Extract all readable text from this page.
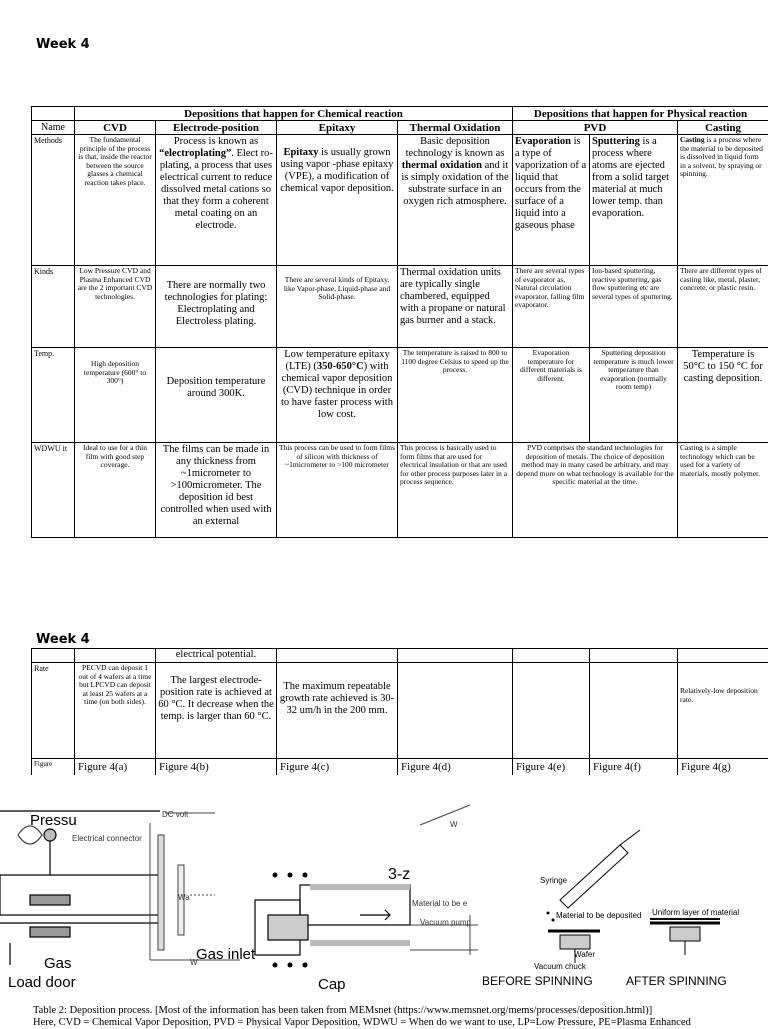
Week 4
	Depositions that happen for Chemical reaction				Depositions that happen for Physical reaction		
Name	CVD	Electrode-position	Epitaxy	Thermal Oxidation	PVD		Casting
Methods	The fundamental principle of the process is that, inside the reactor between the source glasses a chemical reaction takes place.	Process is known as “electroplating”. Elect ro-plating, a process that uses electrical current to reduce dissolved metal cations so that they form a coherent metal coating on an electrode.	Epitaxy is usually grown using vapor -phase epitaxy (VPE), a modification of chemical vapor deposition.	Basic deposition technology is known as thermal oxidation and it is simply oxidation of the substrate surface in an oxygen rich atmosphere.	Evaporation is a type of vaporization of a liquid that occurs from the surface of a liquid into a gaseous phase	Sputtering is a process where atoms are ejected from a solid target material at much lower temp. than evaporation.	Casting is a process where the material to be deposited is dissolved in liquid form in a solvent, by spraying or spinning.
Kinds	Low Pressure CVD and Plasma Enhanced CVD are the 2 important CVD technologies.	There are normally two technologies for plating: Electroplating and Electroless plating.	There are several kinds of Epitaxy, like Vapor-phase, Liquid-phase and Solid-phase.	Thermal oxidation units are typically single chambered, equipped with a propane or natural gas burner and a stack.	There are several types of evaporator as, Natural circulation evaporator, falling film evaporator.	Ion-based sputtering, reactive sputtering, gas flow sputtering etc are several types of sputtering.	There are different types of casting like, metal, plaster, concrete, or plastic resin.
Temp.	High deposition temperature (600° to 300°)	Deposition temperature around 300K.	Low temperature epitaxy (LTE) (350-650°C) with chemical vapor deposition (CVD) technique in order to have faster process with low cost.	The temperature is raised to 800 to 1100 degree Celsius to speed up the process.	Evaporation temperature for different materials is different.	Sputtering deposition temperature is much lower temperature than evaporation (normally room temp)	Temperature is 50°C to 150 °C for casting deposition.
WDWU it	Ideal to use for a thin film with good step coverage.	The films can be made in any thickness from ~1micrometer to >100micrometer. The deposition id best controlled when used with an external	This process can be used to form films of silicon with thickness of ~1micrometer to >100 micrometer	This process is basically used to form films that are used for electrical insulation or that are used for other process purposes later in a process sequence.	PVD comprises the standard technologies for deposition of metals. The choice of deposition method may in many cased be arbitrary, and may depend more on what technology is available for the specific material at the time.		Casting is a simple technology which can be used for a variety of materials, mostly polymer.
Week 4
		electrical potential.					
Rate	PECVD can deposit 1 out of 4 wafers at a time but LPCVD can deposit at least 25 wafers at a time (on both sides).	The largest electrode-position rate is achieved at 60 °C. It decrease when the temp. is larger than 60 °C.	The maximum repeatable growth rate achieved is 30-32 um/h in the 200 mm.				Relatively-low deposition rate.
Figure	Figure 4(a)	Figure 4(b)	Figure 4(c)	Figure 4(d)	Figure 4(e)	Figure 4(f)	Figure 4(g)
Pressu
Gas
Load door
DC volt
Electrical connector
Wa
W
3-z
Gas inlet
Cap
W
Material to be e
Vacuum pump
Syringe
Material to be deposited Uniform layer of material
Wafer
Vacuum chuck
BEFORE SPINNING	AFTER SPINNING
Table 2: Deposition process. [Most of the information has been taken from MEMsnet (https://www.memsnet.org/mems/processes/deposition.html)]
Here, CVD = Chemical Vapor Deposition, PVD = Physical Vapor Deposition, WDWU = When do we want to use, LP=Low Pressure, PE=Plasma Enhanced
